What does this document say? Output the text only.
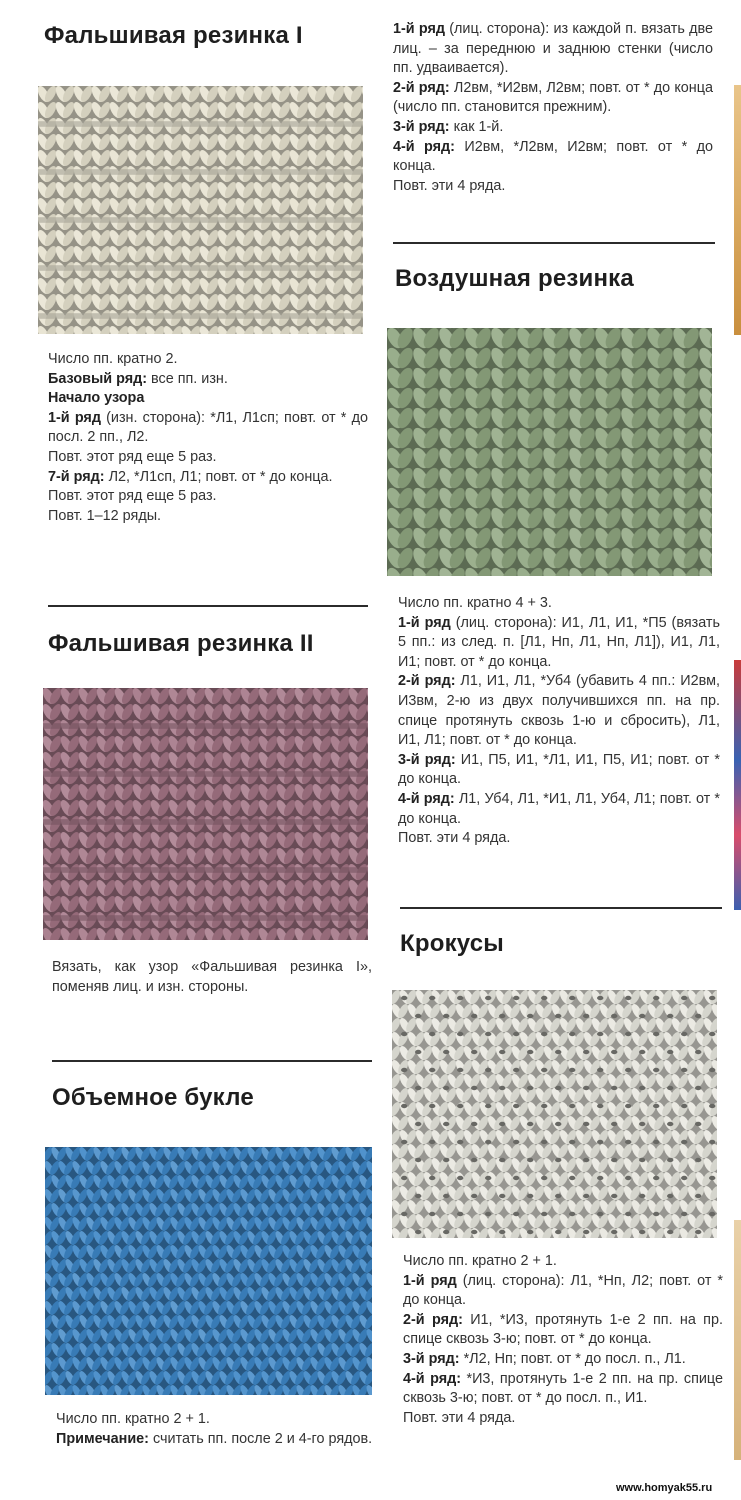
Фальшивая резинка I

Число пп. кратно 2.

Базовый ряд: все пп. изн.

Начало узора

1-й ряд (изн. сторона): *Л1, Л1сп; повт. от * до посл. 2 пп., Л2.

Повт. этот ряд еще 5 раз.

7-й ряд: Л2, *Л1сп, Л1; повт. от * до конца.

Повт. этот ряд еще 5 раз.

Повт. 1–12 ряды.

Фальшивая резинка II

Вязать, как узор «Фальшивая резинка I», поменяв лиц. и изн. стороны.

Объемное букле

Число пп. кратно 2 + 1.

Примечание: считать пп. после 2 и 4-го рядов.

1-й ряд (лиц. сторона): из каждой п. вязать две лиц. – за переднюю и заднюю стенки (число пп. удваивается).

2-й ряд: Л2вм, *И2вм, Л2вм; повт. от * до конца (число пп. становится прежним).

3-й ряд: как 1-й.

4-й ряд: И2вм, *Л2вм, И2вм; повт. от * до конца.

Повт. эти 4 ряда.

Воздушная резинка

Число пп. кратно 4 + 3.

1-й ряд (лиц. сторона): И1, Л1, И1, *П5 (вязать 5 пп.: из след. п. [Л1, Нп, Л1, Нп, Л1]), И1, Л1, И1; повт. от * до конца.

2-й ряд: Л1, И1, Л1, *Уб4 (убавить 4 пп.: И2вм, И3вм, 2-ю из двух получившихся пп. на пр. спице протянуть сквозь 1-ю и сбросить), Л1, И1, Л1; повт. от * до конца.

3-й ряд: И1, П5, И1, *Л1, И1, П5, И1; повт. от * до конца.

4-й ряд: Л1, Уб4, Л1, *И1, Л1, Уб4, Л1; повт. от * до конца.

Повт. эти 4 ряда.

Крокусы

Число пп. кратно 2 + 1.

1-й ряд (лиц. сторона): Л1, *Нп, Л2; повт. от * до конца.

2-й ряд: И1, *И3, протянуть 1-е 2 пп. на пр. спице сквозь 3-ю; повт. от * до конца.

3-й ряд: *Л2, Нп; повт. от * до посл. п., Л1.

4-й ряд: *И3, протянуть 1-е 2 пп. на пр. спице сквозь 3-ю; повт. от * до посл. п., И1.

Повт. эти 4 ряда.

www.homyak55.ru
